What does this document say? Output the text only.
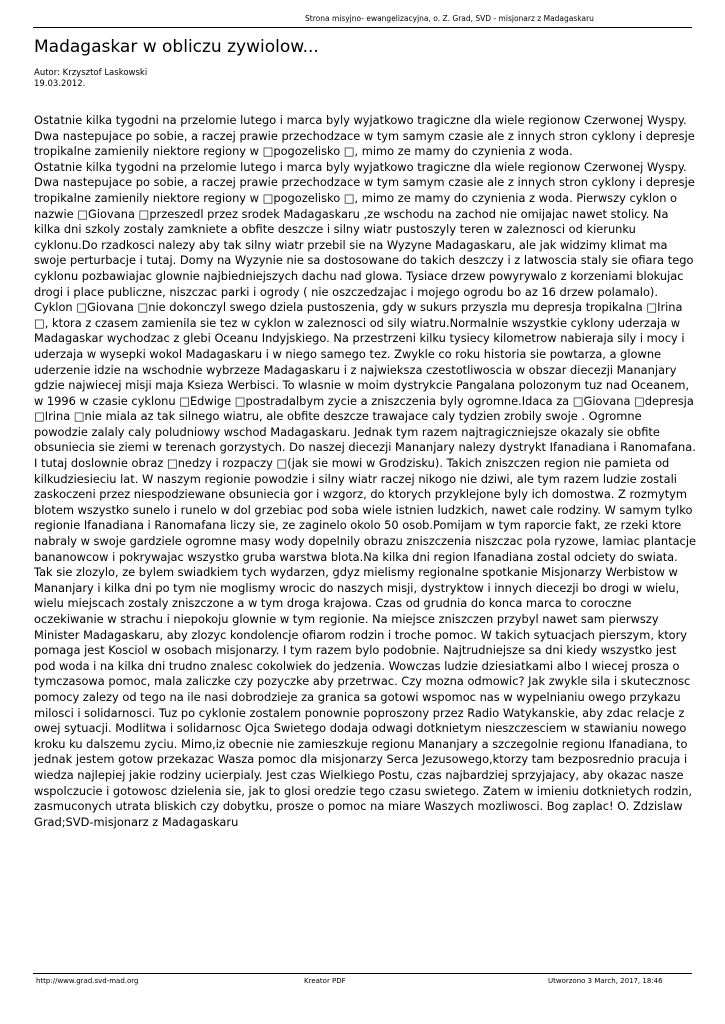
Strona misyjno- ewangelizacyjna, o. Z. Grad, SVD - misjonarz z Madagaskaru
Madagaskar w obliczu zywiolow...
Autor: Krzysztof Laskowski
19.03.2012.

Ostatnie kilka tygodni na przelomie lutego i marca byly wyjatkowo tragiczne dla wiele regionow Czerwonej Wyspy. Dwa nastepujace po sobie, a raczej prawie przechodzace w tym samym czasie ale z innych stron cyklony i depresje tropikalne zamienily niektore regiony w □pogozelisko □, mimo ze mamy do czynienia z woda.

Ostatnie kilka tygodni na przelomie lutego i marca byly wyjatkowo tragiczne dla wiele regionow Czerwonej Wyspy. Dwa nastepujace po sobie, a raczej prawie przechodzace w tym samym czasie ale z innych stron cyklony i depresje tropikalne zamienily niektore regiony w □pogozelisko □, mimo ze mamy do czynienia z woda. Pierwszy cyklon o nazwie □Giovana □przeszedl przez srodek Madagaskaru ,ze wschodu na zachod nie omijajac nawet stolicy. Na kilka dni szkoly zostaly zamkniete a obfite deszcze i silny wiatr pustoszyly teren w zaleznosci od kierunku cyklonu.Do rzadkosci nalezy aby tak silny wiatr przebil sie na Wyzyne Madagaskaru, ale jak widzimy klimat ma swoje perturbacje i tutaj. Domy na Wyzynie nie sa dostosowane do takich deszczy i z latwoscia staly sie ofiara tego cyklonu pozbawiajac glownie najbiedniejszych dachu nad glowa. Tysiace drzew powyrywalo z korzeniami blokujac drogi i place publiczne, niszczac parki i ogrody ( nie oszczedzajac i mojego ogrodu bo az 16 drzew polamalo). Cyklon □Giovana □nie dokonczyl swego dziela pustoszenia, gdy w sukurs przyszla mu depresja tropikalna □Irina □, ktora z czasem zamienila sie tez w cyklon w zaleznosci od sily wiatru.Normalnie wszystkie cyklony uderzaja w Madagaskar wychodzac z glebi Oceanu Indyjskiego. Na przestrzeni kilku tysiecy kilometrow nabieraja sily i mocy i uderzaja w wysepki wokol Madagaskaru i w niego samego tez. Zwykle co roku historia sie powtarza, a glowne uderzenie idzie na wschodnie wybrzeze Madagaskaru i z najwieksza czestotliwoscia w obszar diecezji Mananjary gdzie najwiecej misji maja Ksieza Werbisci. To wlasnie w moim dystrykcie Pangalana polozonym tuz nad Oceanem, w 1996 w czasie cyklonu □Edwige □postradalbym zycie a zniszczenia byly ogromne.Idaca za □Giovana □depresja □Irina □nie miala az tak silnego wiatru, ale obfite deszcze trawajace caly tydzien zrobily swoje . Ogromne powodzie zalaly caly poludniowy wschod Madagaskaru. Jednak tym razem najtragiczniejsze okazaly sie obfite obsuniecia sie ziemi w terenach gorzystych. Do naszej diecezji Mananjary nalezy dystrykt Ifanadiana i Ranomafana. I tutaj doslownie obraz □nedzy i rozpaczy □(jak sie mowi w Grodzisku). Takich zniszczen region nie pamieta od kilkudziesieciu lat. W naszym regionie powodzie i silny wiatr raczej nikogo nie dziwi, ale tym razem ludzie zostali zaskoczeni przez niespodziewane obsuniecia gor i wzgorz, do ktorych przyklejone byly ich domostwa. Z rozmytym blotem wszystko sunelo i runelo w dol grzebiac pod soba wiele istnien ludzkich, nawet cale rodziny. W samym tylko regionie Ifanadiana i Ranomafana liczy sie, ze zaginelo okolo 50 osob.Pomijam w tym raporcie fakt, ze rzeki ktore nabraly w swoje gardziele ogromne masy wody dopelnily obrazu zniszczenia niszczac pola ryzowe, lamiac plantacje bananowcow i pokrywajac wszystko gruba warstwa blota.Na kilka dni region Ifanadiana zostal odciety do swiata. Tak sie zlozylo, ze bylem swiadkiem tych wydarzen, gdyz mielismy regionalne spotkanie Misjonarzy Werbistow w Mananjary i kilka dni po tym nie moglismy wrocic do naszych misji, dystryktow i innych diecezji bo drogi w wielu, wielu miejscach zostaly zniszczone a w tym droga krajowa. Czas od grudnia do konca marca to coroczne oczekiwanie w strachu i niepokoju glownie w tym regionie. Na miejsce zniszczen przybyl nawet sam pierwszy Minister Madagaskaru, aby zlozyc kondolencje ofiarom rodzin i troche pomoc. W takich sytuacjach pierszym, ktory pomaga jest Kosciol w osobach misjonarzy. I tym razem bylo podobnie. Najtrudniejsze sa dni kiedy wszystko jest pod woda i na kilka dni trudno znalesc cokolwiek do jedzenia. Wowczas ludzie dziesiatkami albo I wiecej prosza o tymczasowa pomoc, mala zaliczke czy pozyczke aby przetrwac. Czy mozna odmowic? Jak zwykle sila i skutecznosc pomocy zalezy od tego na ile nasi dobrodzieje za granica sa gotowi wspomoc nas w wypelnianiu owego przykazu milosci i solidarnosci. Tuz po cyklonie zostalem ponownie poproszony przez Radio Watykanskie, aby zdac relacje z owej sytuacji. Modlitwa i solidarnosc Ojca Swietego dodaja odwagi dotknietym nieszczesciem w stawianiu nowego kroku ku dalszemu zyciu. Mimo,iz obecnie nie zamieszkuje regionu Mananjary a szczegolnie regionu Ifanadiana, to jednak jestem gotow przekazac Wasza pomoc dla misjonarzy Serca Jezusowego,ktorzy tam bezposrednio pracuja i wiedza najlepiej jakie rodziny ucierpialy. Jest czas Wielkiego Postu, czas najbardziej sprzyjajacy, aby okazac nasze wspolczucie i gotowosc dzielenia sie, jak to glosi oredzie tego czasu swietego. Zatem w imieniu dotknietych rodzin, zasmuconych utrata bliskich czy dobytku, prosze o pomoc na miare Waszych mozliwosci. Bog zaplac! O. Zdzislaw Grad;SVD-misjonarz z Madagaskaru

http://www.grad.svd-mad.org	Kreator PDF	Utworzono 3 March, 2017, 18:46
